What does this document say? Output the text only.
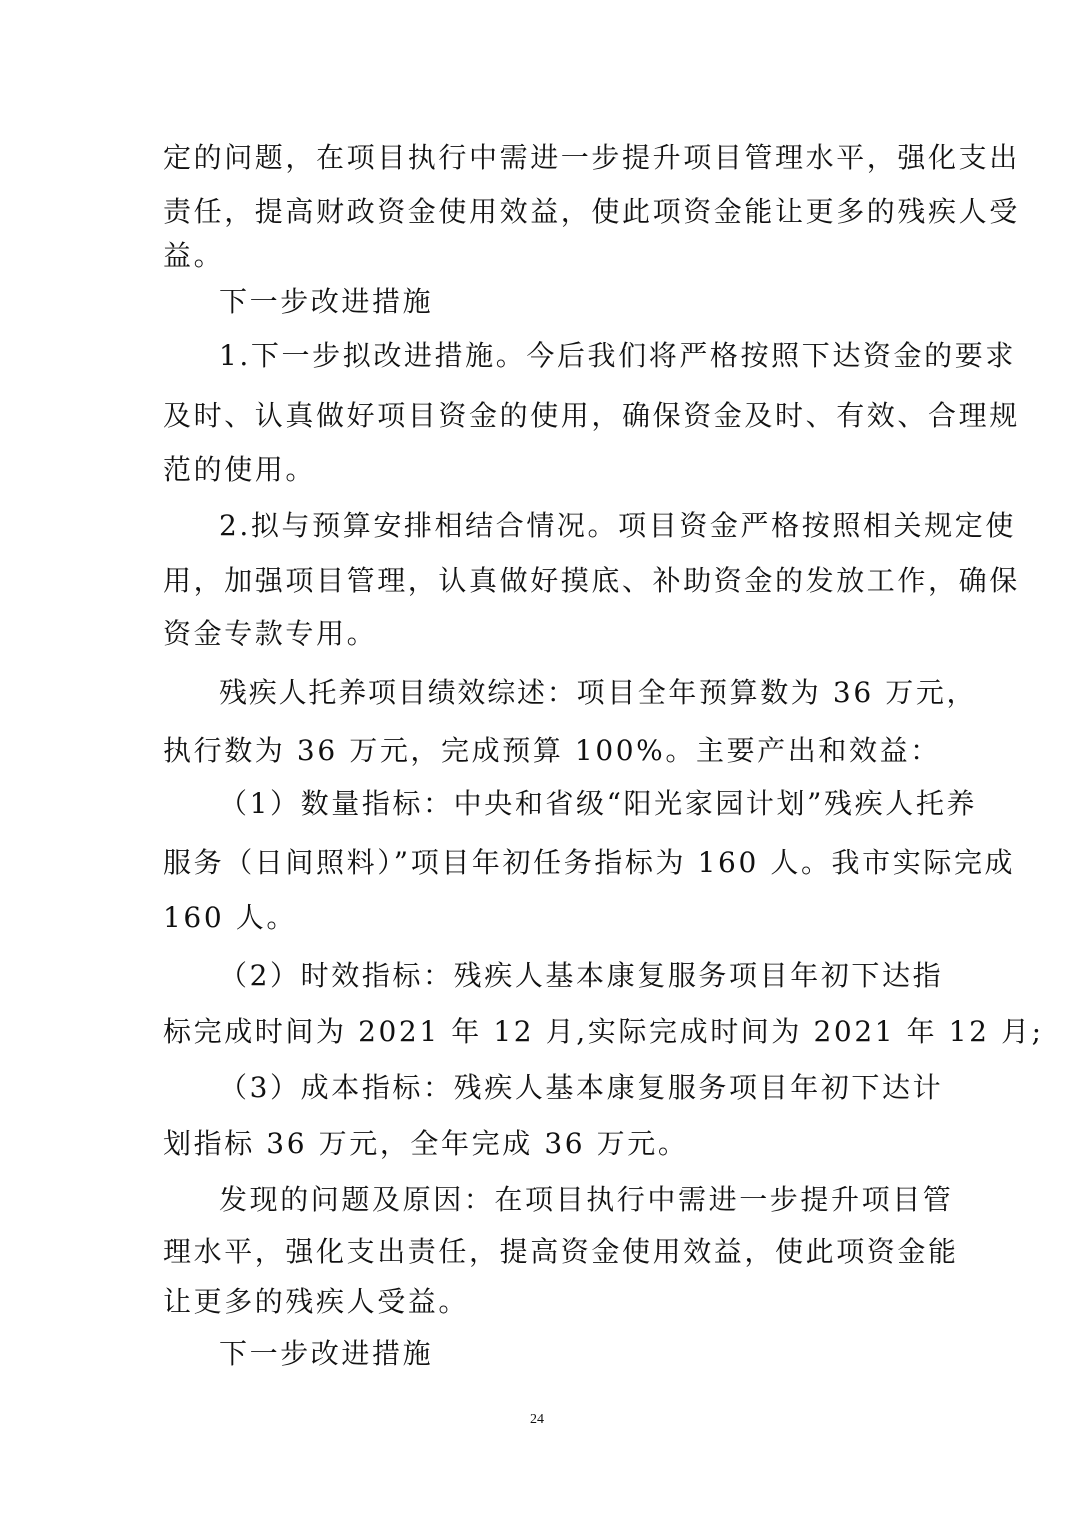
定的问题，在项目执行中需进一步提升项目管理水平，强化支出
责任，提高财政资金使用效益，使此项资金能让更多的残疾人受
益。
下一步改进措施
1.下一步拟改进措施。今后我们将严格按照下达资金的要求
及时、认真做好项目资金的使用，确保资金及时、有效、合理规
范的使用。
2.拟与预算安排相结合情况。项目资金严格按照相关规定使
用，加强项目管理，认真做好摸底、补助资金的发放工作，确保
资金专款专用。
残疾人托养项目绩效综述：项目全年预算数为 36 万元，
执行数为 36 万元，完成预算 100%。主要产出和效益：
（1）数量指标：中央和省级“阳光家园计划”残疾人托养
服务（日间照料）”项目年初任务指标为 160 人。我市实际完成
160 人。
（2）时效指标：残疾人基本康复服务项目年初下达指
标完成时间为 2021 年 12 月,实际完成时间为 2021 年 12 月;
（3）成本指标：残疾人基本康复服务项目年初下达计
划指标 36 万元，全年完成 36 万元。
发现的问题及原因：在项目执行中需进一步提升项目管
理水平，强化支出责任，提高资金使用效益，使此项资金能
让更多的残疾人受益。
下一步改进措施
24
